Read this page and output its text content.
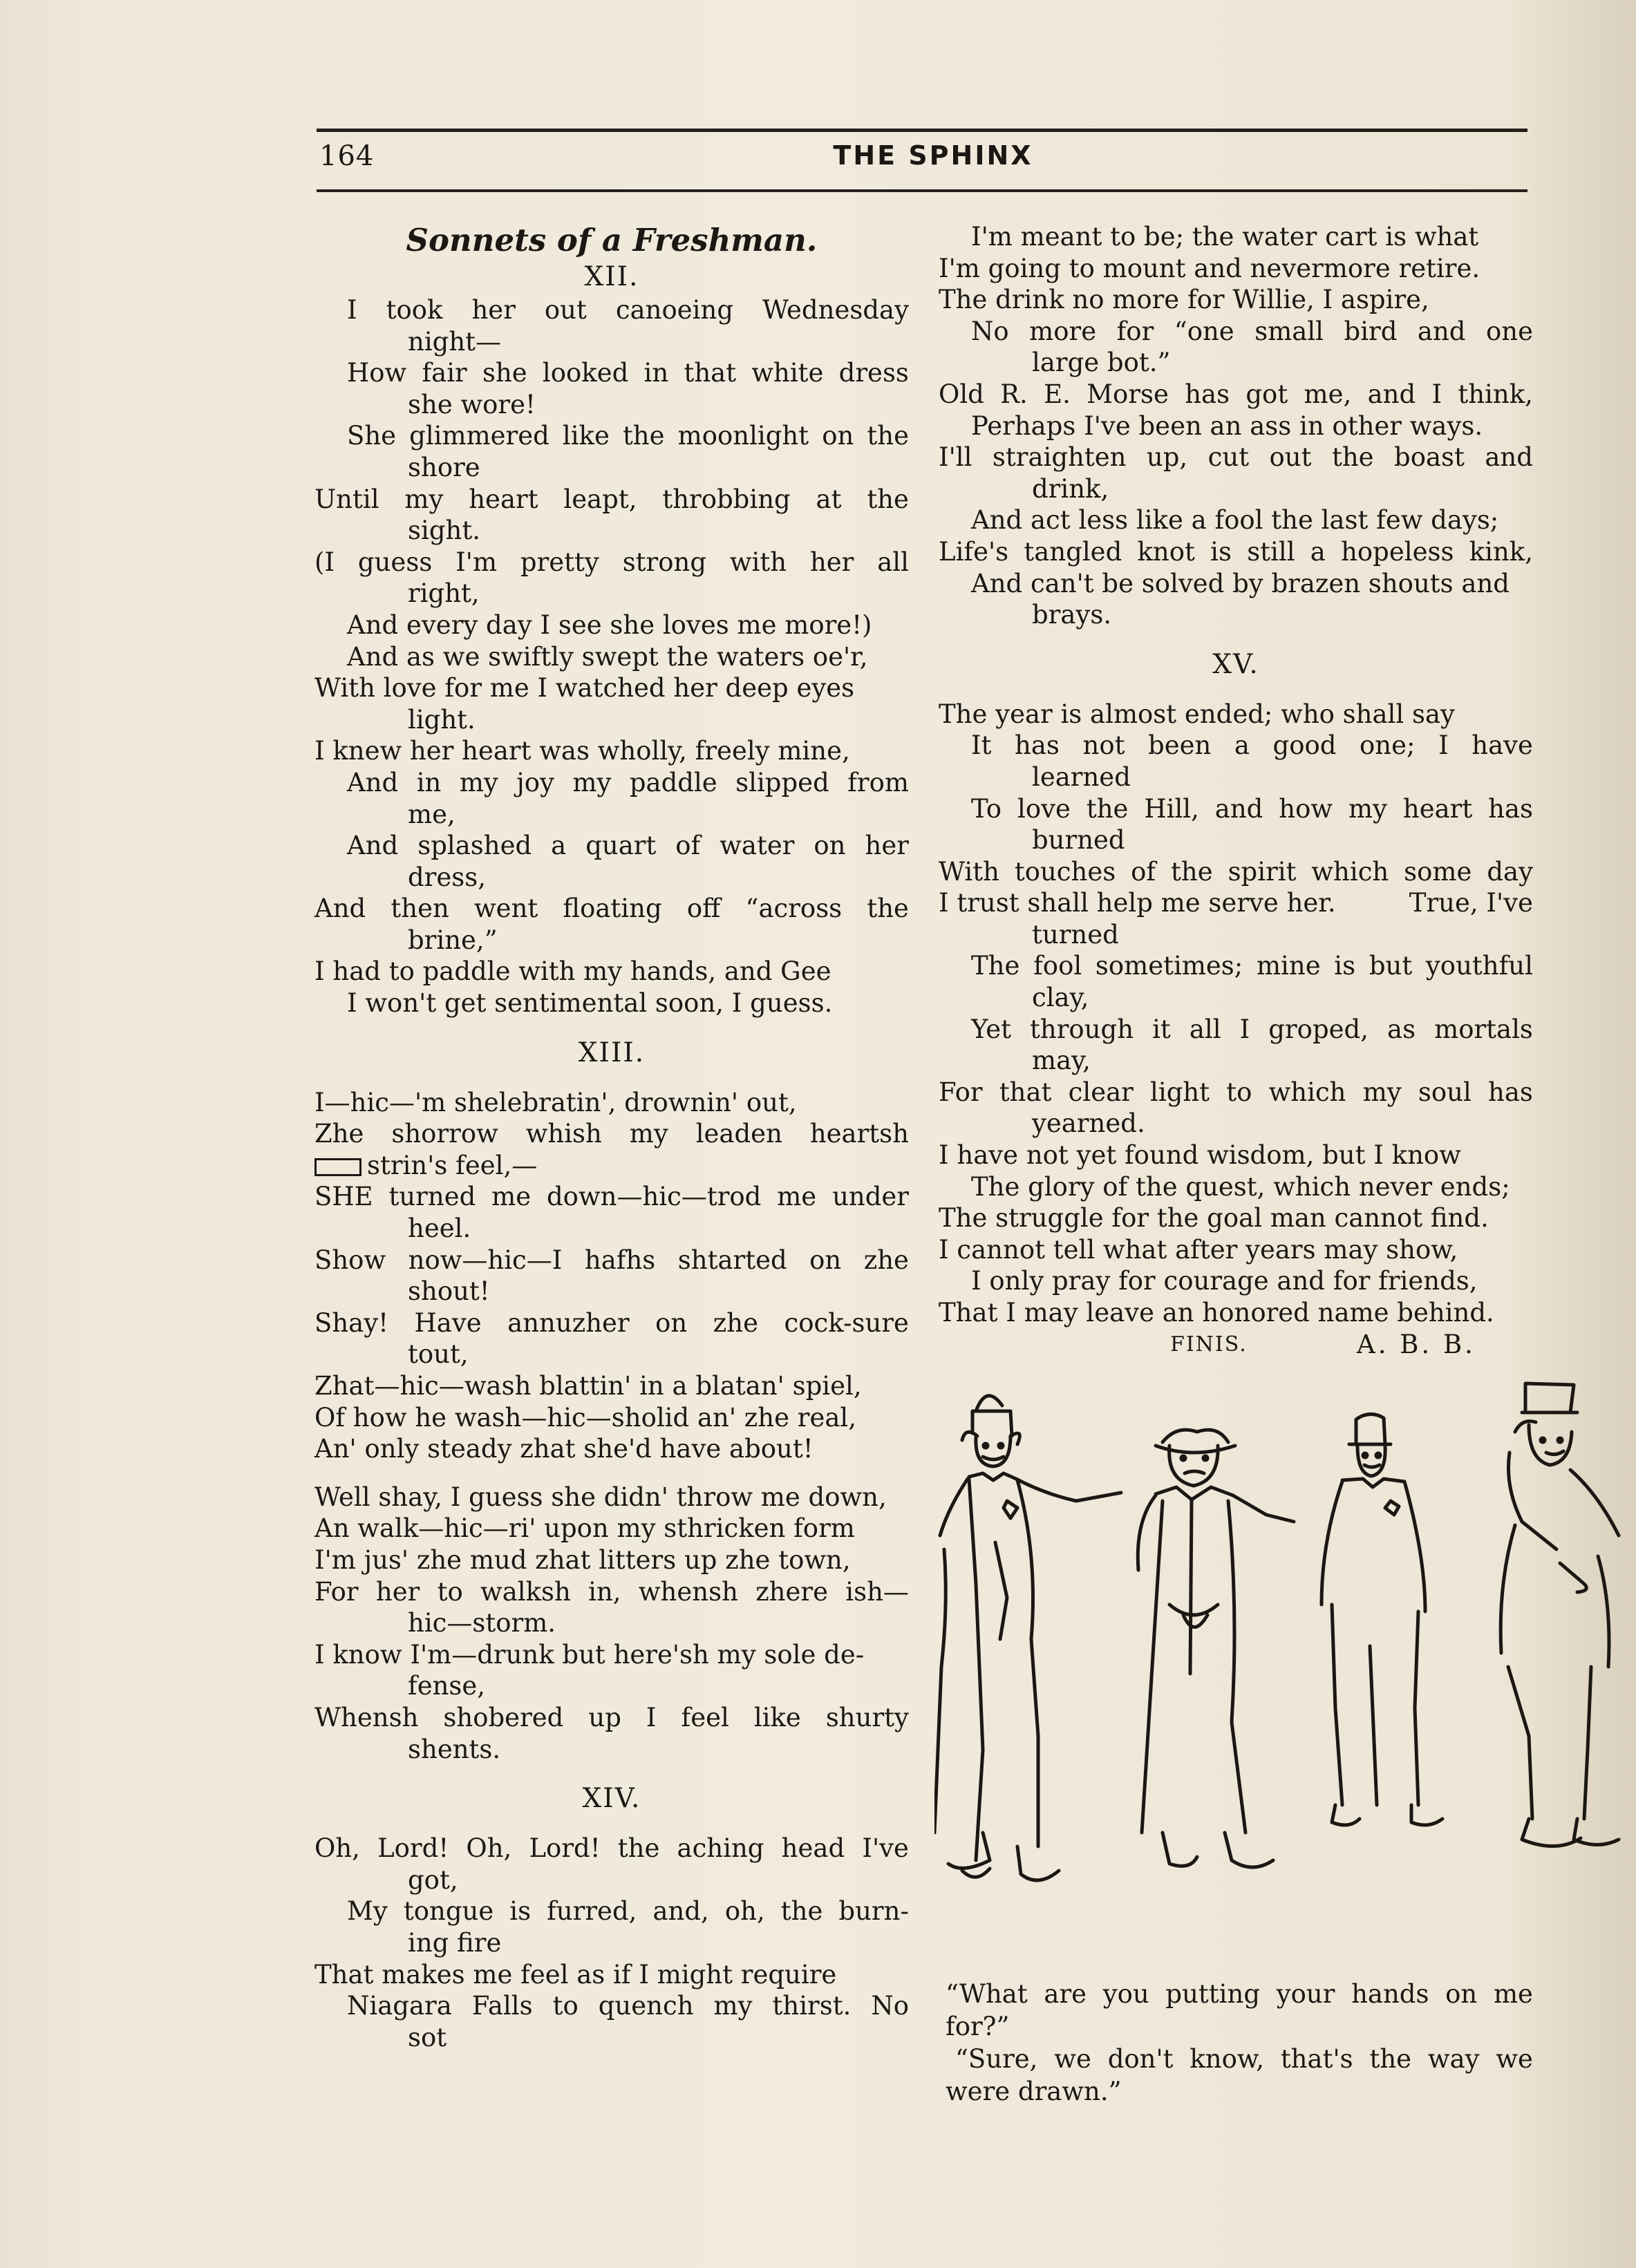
164	THE SPHINX
Sonnets of a Freshman.
XII.
I took her out canoeing Wednesday
night—
How fair she looked in that white dress
she wore!
She glimmered like the moonlight on the
shore
Until my heart leapt, throbbing at the
sight.
(I guess I'm pretty strong with her all
right,
And every day I see she loves me more!)
And as we swiftly swept the waters oe'r,
With love for me I watched her deep eyes
light.
I knew her heart was wholly, freely mine,
And in my joy my paddle slipped from
me,
And splashed a quart of water on her
dress,
And then went floating off “across the
brine,”
I had to paddle with my hands, and Gee
I won't get sentimental soon, I guess.
XIII.
I—hic—'m shelebratin', drownin' out,
Zhe shorrow whish my leaden heartsh
strin's feel,—
SHE turned me down—hic—trod me under
heel.
Show now—hic—I hafhs shtarted on zhe
shout!
Shay! Have annuzher on zhe cock-sure
tout,
Zhat—hic—wash blattin' in a blatan' spiel,
Of how he wash—hic—sholid an' zhe real,
An' only steady zhat she'd have about!
Well shay, I guess she didn' throw me down,
An walk—hic—ri' upon my sthricken form
I'm jus' zhe mud zhat litters up zhe town,
For her to walksh in, whensh zhere ish—
hic—storm.
I know I'm—drunk but here'sh my sole de-
fense,
Whensh shobered up I feel like shurty
shents.
XIV.
Oh, Lord! Oh, Lord! the aching head I've
got,
My tongue is furred, and, oh, the burn-
ing fire
That makes me feel as if I might require
Niagara Falls to quench my thirst. No
sot
I'm meant to be; the water cart is what
I'm going to mount and nevermore retire.
The drink no more for Willie, I aspire,
No more for “one small bird and one
large bot.”
Old R. E. Morse has got me, and I think,
Perhaps I've been an ass in other ways.
I'll straighten up, cut out the boast and
drink,
And act less like a fool the last few days;
Life's tangled knot is still a hopeless kink,
And can't be solved by brazen shouts and
brays.
XV.
The year is almost ended; who shall say
It has not been a good one; I have
learned
To love the Hill, and how my heart has
burned
With touches of the spirit which some day
I trust shall help me serve her.	True, I've
turned
The fool sometimes; mine is but youthful
clay,
Yet through it all I groped, as mortals
may,
For that clear light to which my soul has
yearned.
I have not yet found wisdom, but I know
The glory of the quest, which never ends;
The struggle for the goal man cannot find.
I cannot tell what after years may show,
I only pray for courage and for friends,
That I may leave an honored name behind.
FINIS.	A. B. B.
“What are you putting your hands on me
for?”
“Sure, we don't know, that's the way we
were drawn.”
